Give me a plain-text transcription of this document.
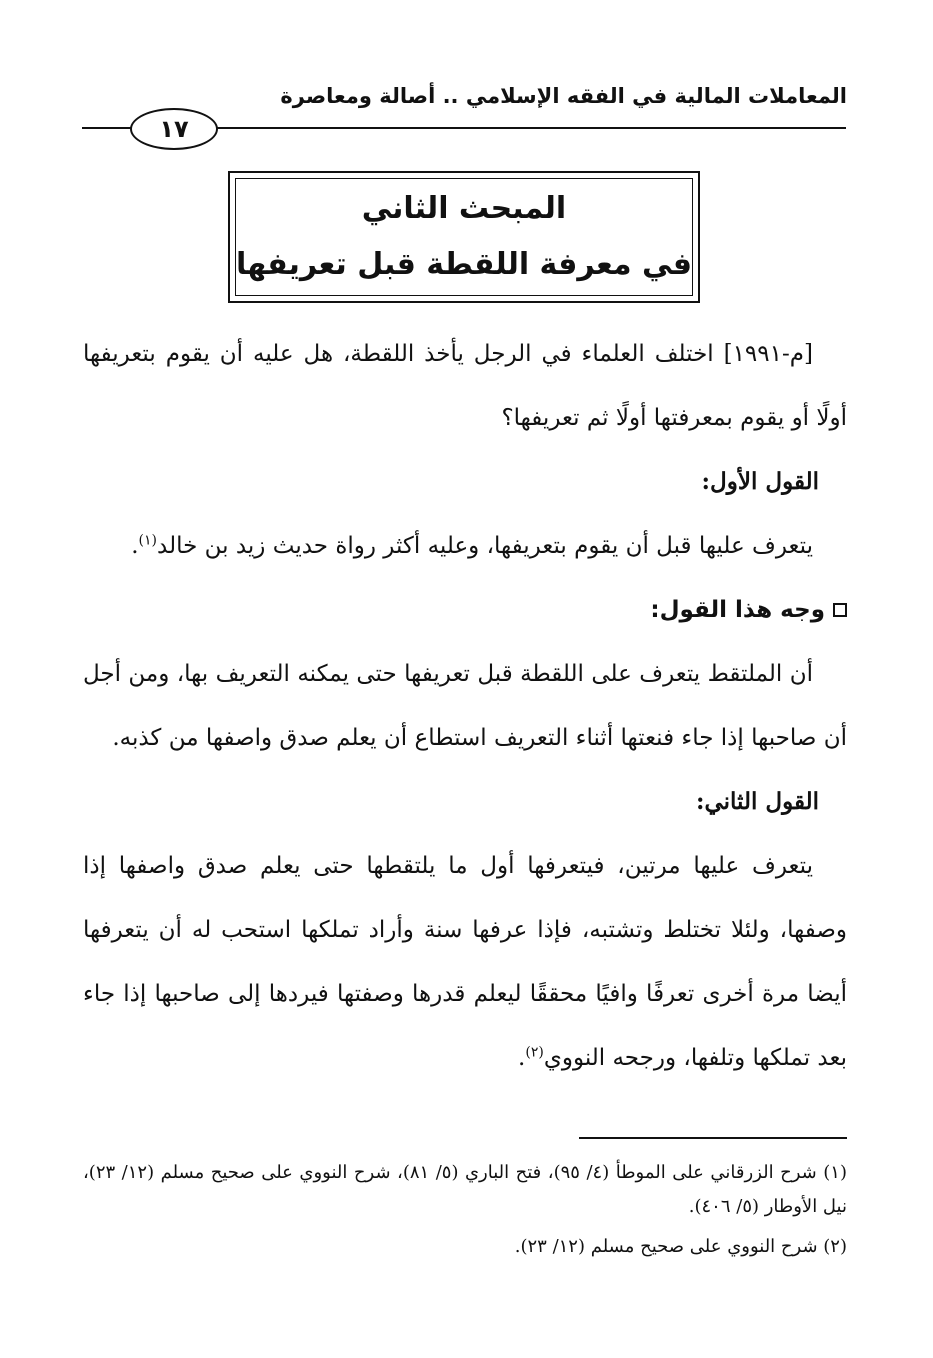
المعاملات المالية في الفقه الإسلامي .. أصالة ومعاصرة
١٧
المبحث الثاني
في معرفة اللقطة قبل تعريفها

[م-١٩٩١] اختلف العلماء في الرجل يأخذ اللقطة، هل عليه أن يقوم بتعريفها أولًا أو يقوم بمعرفتها أولًا ثم تعريفها؟

القول الأول:

يتعرف عليها قبل أن يقوم بتعريفها، وعليه أكثر رواة حديث زيد بن خالد$^{(١)}$.

وجه هذا القول:

أن الملتقط يتعرف على اللقطة قبل تعريفها حتى يمكنه التعريف بها، ومن أجل أن صاحبها إذا جاء فنعتها أثناء التعريف استطاع أن يعلم صدق واصفها من كذبه.

القول الثاني:

يتعرف عليها مرتين، فيتعرفها أول ما يلتقطها حتى يعلم صدق واصفها إذا وصفها، ولئلا تختلط وتشتبه، فإذا عرفها سنة وأراد تملكها استحب له أن يتعرفها أيضا مرة أخرى تعرفًا وافيًا محققًا ليعلم قدرها وصفتها فيردها إلى صاحبها إذا جاء بعد تملكها وتلفها، ورجحه النووي$^{(٢)}$.

(١) شرح الزرقاني على الموطأ (٤/ ٩٥)، فتح الباري (٥/ ٨١)، شرح النووي على صحيح مسلم (١٢/ ٢٣)، نيل الأوطار (٥/ ٤٠٦).

(٢) شرح النووي على صحيح مسلم (١٢/ ٢٣).
